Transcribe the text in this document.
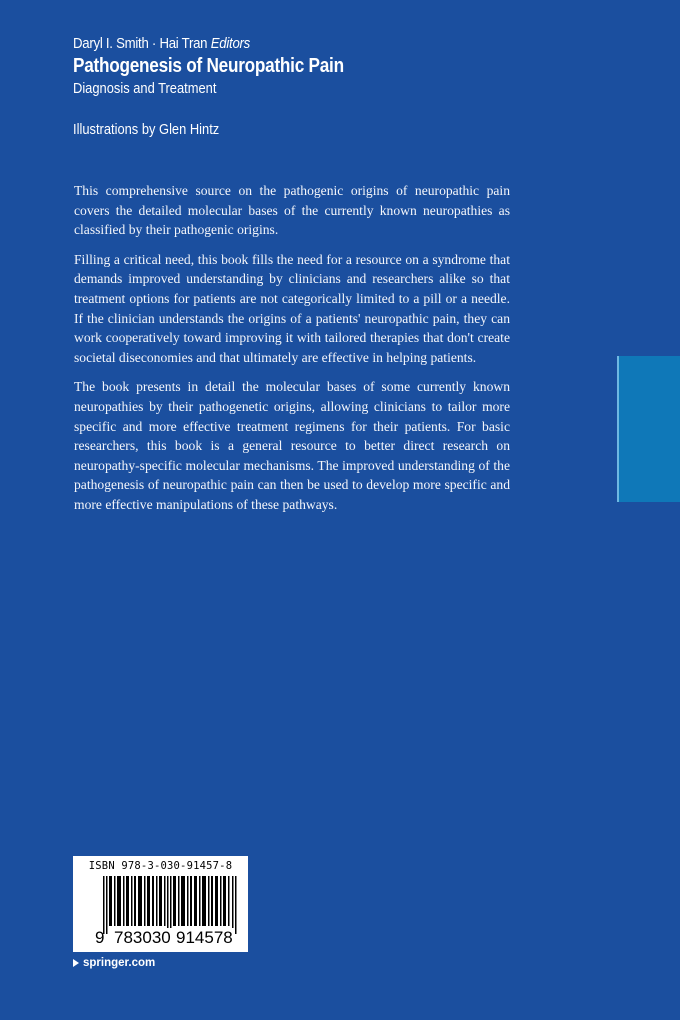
Daryl I. Smith · Hai Tran Editors
Pathogenesis of Neuropathic Pain
Diagnosis and Treatment
Illustrations by Glen Hintz

This comprehensive source on the pathogenic origins of neuropathic pain covers the detailed molecular bases of the currently known neuropathies as classified by their pathogenic origins.

Filling a critical need, this book fills the need for a resource on a syndrome that demands improved understanding by clinicians and researchers alike so that treatment options for patients are not categorically limited to a pill or a needle. If the clinician understands the origins of a patients' neuropathic pain, they can work cooperatively toward improving it with tailored therapies that don't create societal diseconomies and that ultimately are effective in helping patients.

The book presents in detail the molecular bases of some currently known neuropathies by their pathogenetic origins, allowing clinicians to tailor more specific and more effective treatment regimens for their patients. For basic researchers, this book is a general resource to better direct research on neuropathy-specific molecular mechanisms. The improved understanding of the pathogenesis of neuropathic pain can then be used to develop more specific and more effective manipulations of these pathways.

ISBN 978-3-030-91457-8
9 783030 914578
springer.com
